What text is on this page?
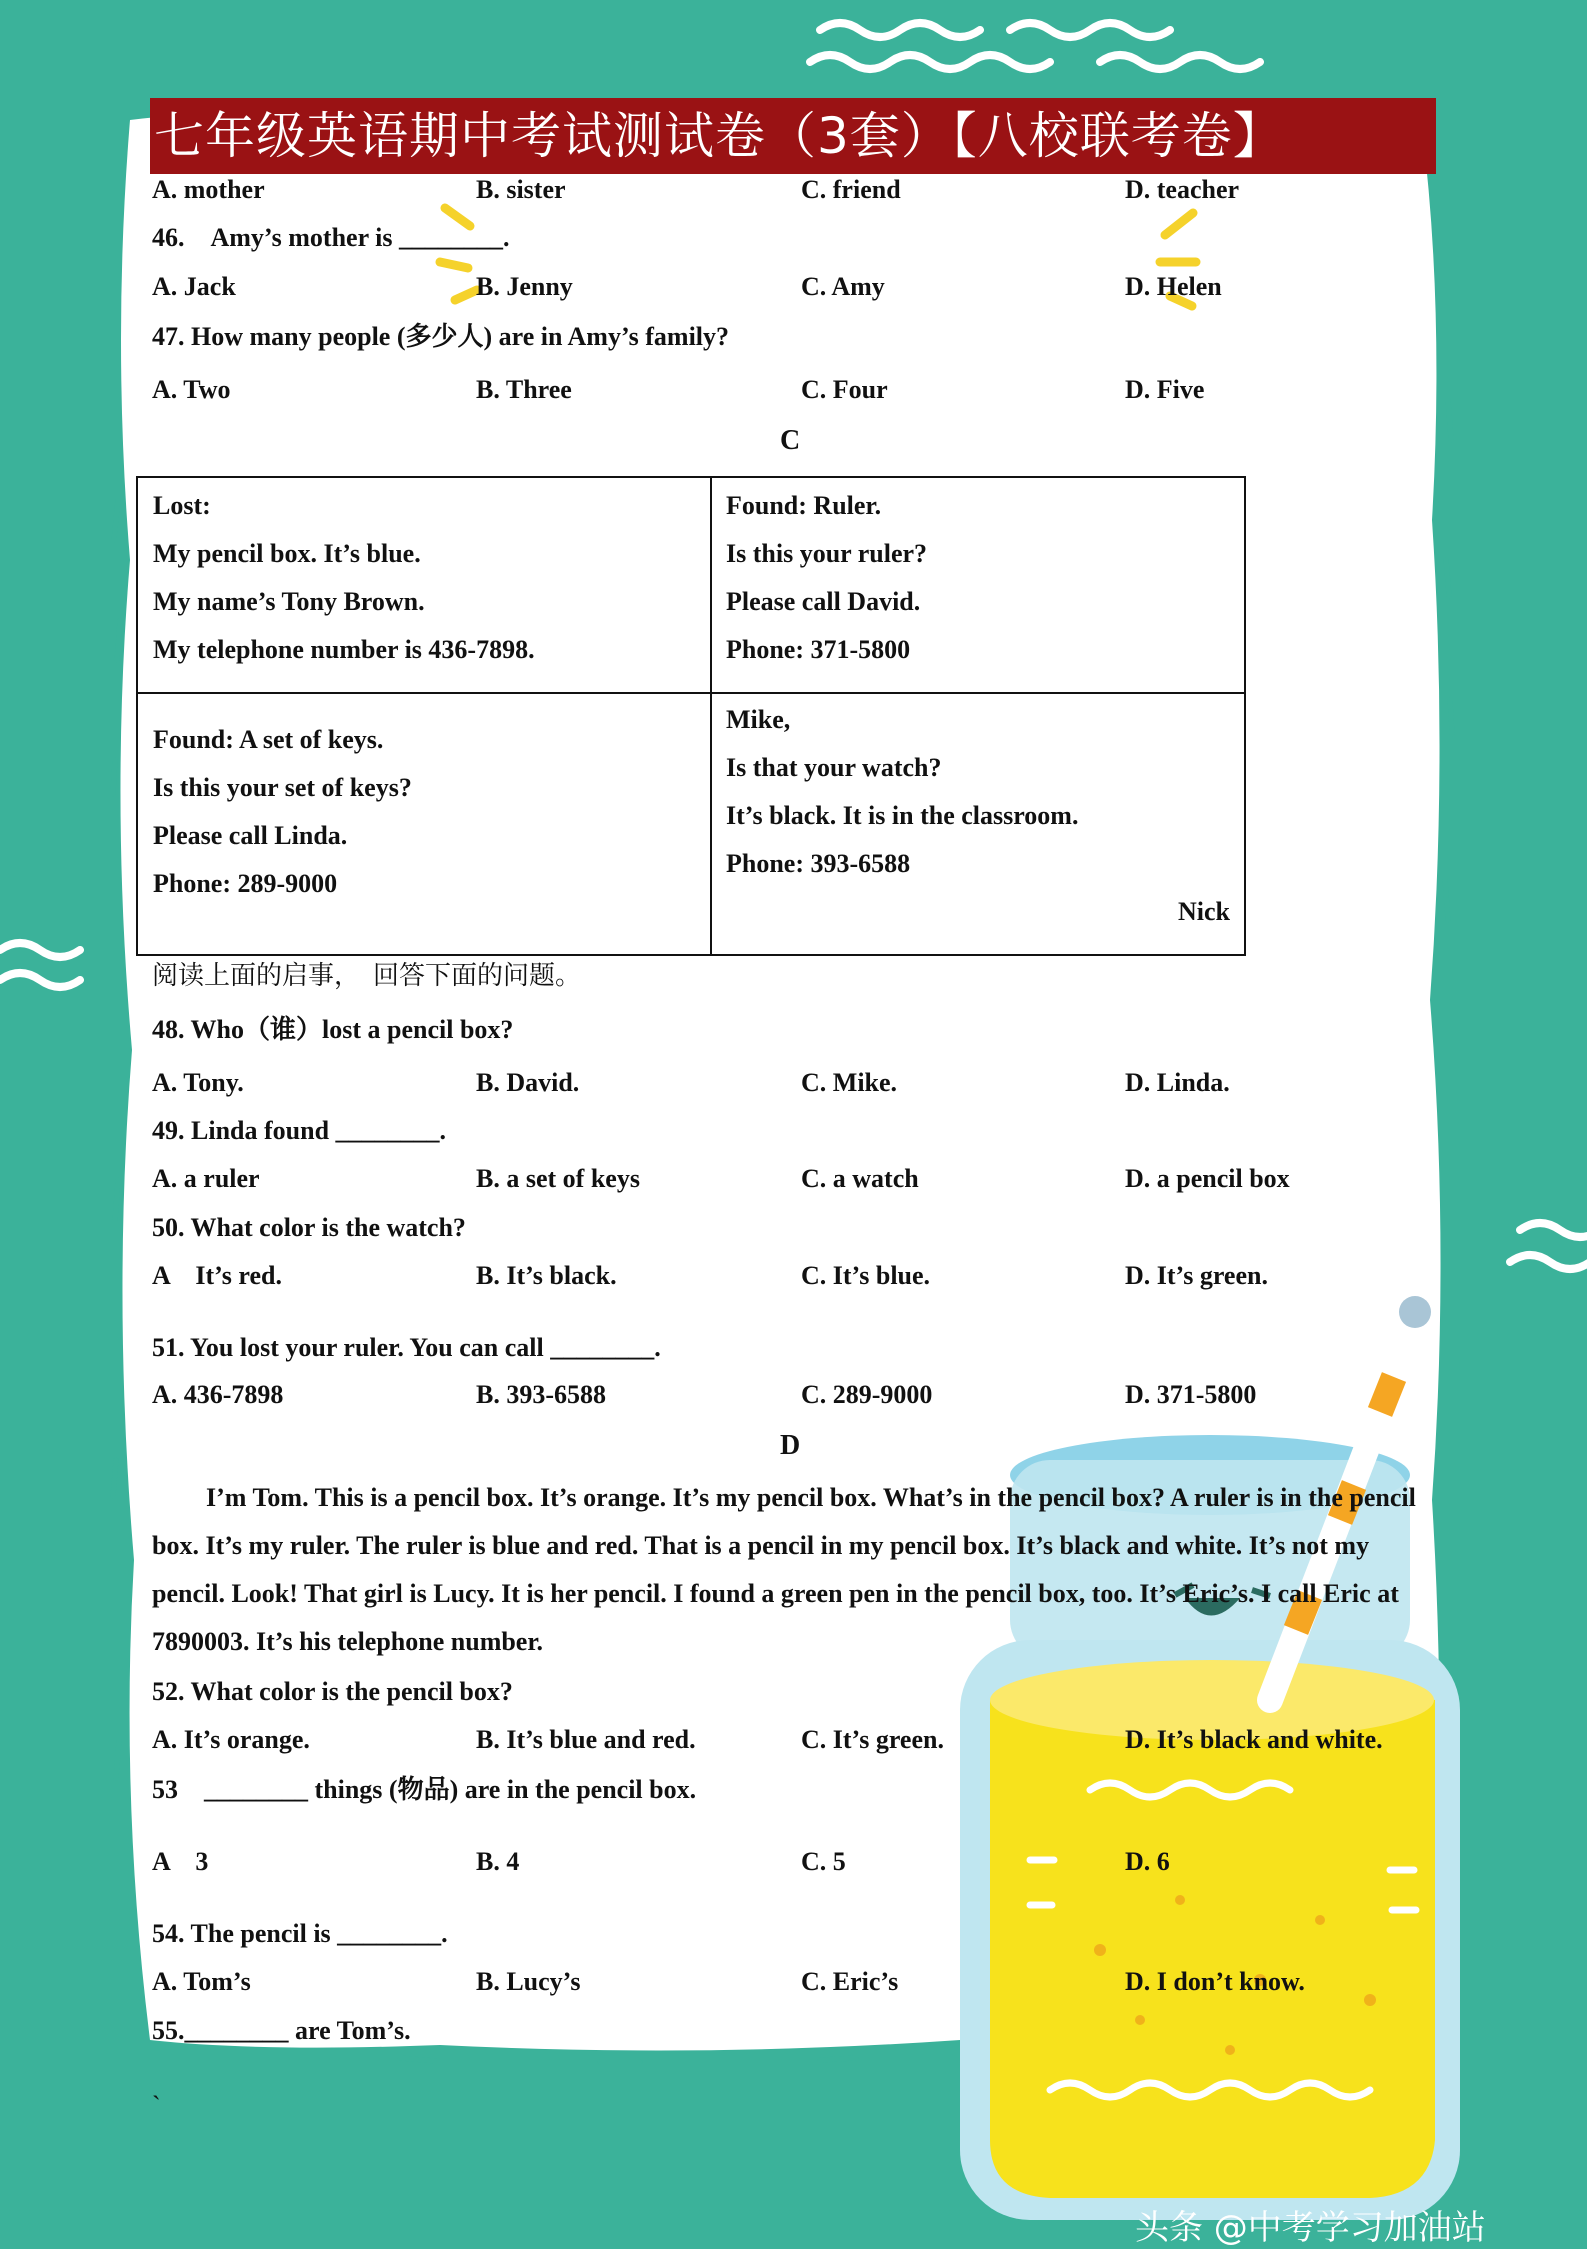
七年级英语期中考试测试卷（3套）【八校联考卷】
A. mother	B. sister	C. friend	D. teacher
46.　Amy’s mother is ________.
A. Jack	B. Jenny	C. Amy	D. Helen
47. How many people (多少人) are in Amy’s family?
A. Two	B. Three	C. Four	D. Five
C
Lost:
My pencil box. It’s blue.
My name’s Tony Brown.
My telephone number is 436-7898.
Found: Ruler.
Is this your ruler?
Please call David.
Phone: 371-5800
Found: A set of keys.
Is this your set of keys?
Please call Linda.
Phone: 289-9000
Mike,
Is that your watch?
It’s black. It is in the classroom.
Phone: 393-6588
Nick
阅读上面的启事，　回答下面的问题。
48. Who（谁）lost a pencil box?
A. Tony.	B. David.	C. Mike.	D. Linda.
49. Linda found ________.
A. a ruler	B. a set of keys	C. a watch	D. a pencil box
50. What color is the watch?
A　It’s red.	B. It’s black.	C. It’s blue.	D. It’s green.
51. You lost your ruler. You can call ________.
A. 436-7898	B. 393-6588	C. 289-9000	D. 371-5800
D
I’m Tom. This is a pencil box. It’s orange. It’s my pencil box. What’s in the pencil box? A ruler is in the pencil box. It’s my ruler. The ruler is blue and red. That is a pencil in my pencil box. It’s black and white. It’s not my pencil. Look! That girl is Lucy. It is her pencil. I found a green pen in the pencil box, too. It’s Eric’s. I call Eric at 7890003. It’s his telephone number.
52. What color is the pencil box?
A. It’s orange.	B. It’s blue and red.	C. It’s green.	D. It’s black and white.
53　________ things (物品) are in the pencil box.
A　3	B. 4	C. 5	D. 6
54. The pencil is ________.
A. Tom’s	B. Lucy’s	C. Eric’s	D. I don’t know.
55.________ are Tom’s.
`
头条 @中考学习加油站
